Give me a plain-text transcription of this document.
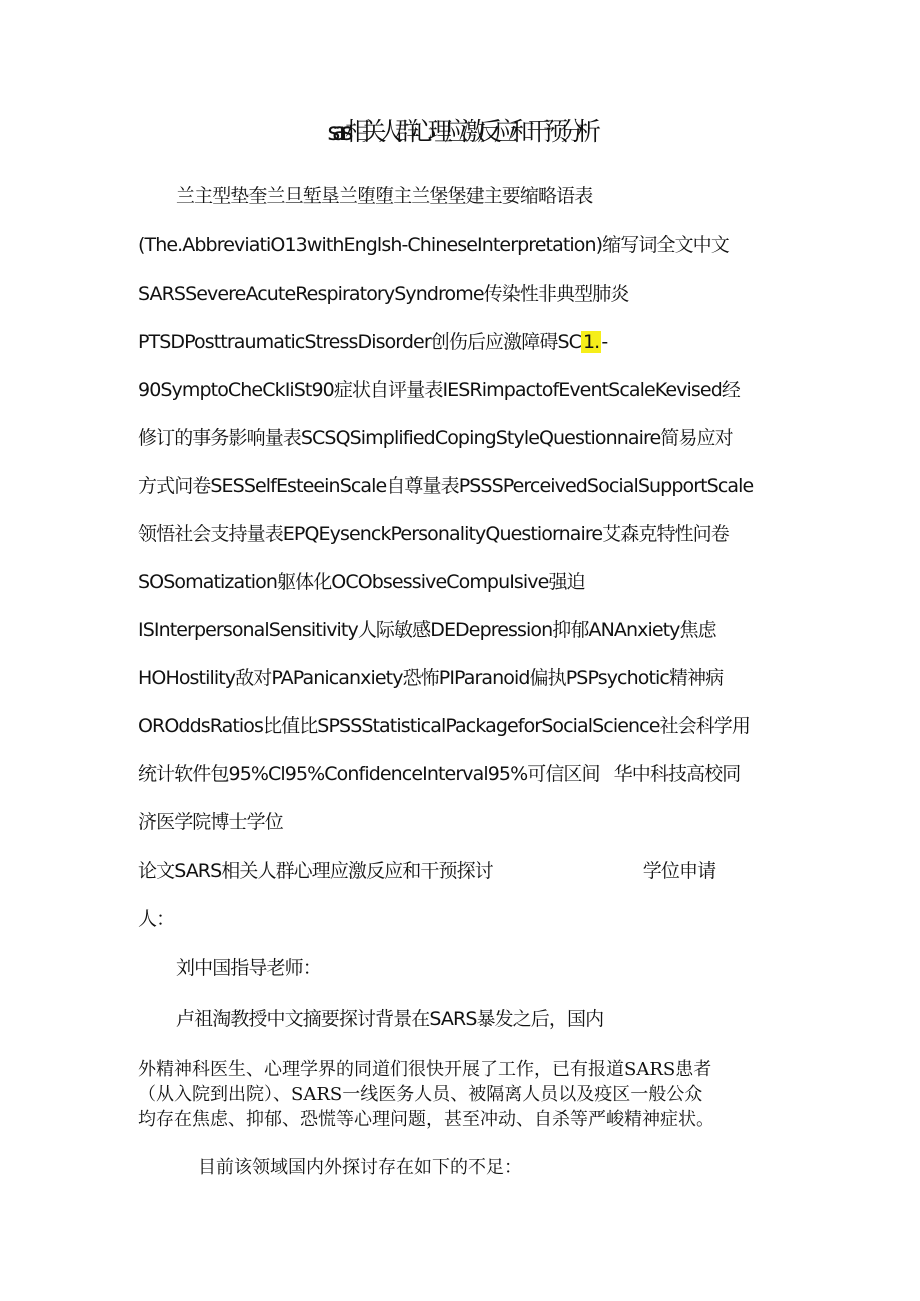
sars相关人群心理应激反应和干预分析
兰主型垫奎兰旦堑垦兰堕堕主兰堡堡建主要缩略语表
(The.AbbreviatiO13withEnglsh-ChineseInterpretation)缩写词全文中文
SARSSevereAcuteRespiratorySyndrome传染性非典型肺炎
PTSDPosttraumaticStressDisorder创伤后应激障碍SC 1. -
90SymptoCheCkIiSt90症状自评量表IESRimpactofEventScaleKevised经
修订的事务影响量表SCSQSimplifiedCopingStyleQuestionnaire简易应对
方式问卷SESSelfEsteeinScale自尊量表PSSSPerceivedSocialSupportScale
领悟社会支持量表EPQEysenckPersonalityQuestiornaire艾森克特性问卷
SOSomatization躯体化OCObsessiveCompuIsive强迫
ISInterpersonalSensitivity人际敏感DEDepression抑郁ANAnxiety焦虑
HOHostility敌对PAPanicanxiety恐怖PIParanoid偏执PSPsychotic精神病
OROddsRatios比值比SPSSStatisticalPackageforSocialScience社会科学用
统计软件包95%Cl95%ConfidenceInterval95%可信区间 华中科技高校同
济医学院博士学位
论文SARS相关人群心理应激反应和干预探讨	学位申请
人：
刘中国指导老师：
卢祖淘教授中文摘要探讨背景在SARS暴发之后，国内
外精神科医生、心理学界的同道们很快开展了工作，已有报道SARS患者
（从入院到出院）、SARS一线医务人员、被隔离人员以及疫区一般公众
均存在焦虑、抑郁、恐慌等心理问题，甚至冲动、自杀等严峻精神症状。
目前该领域国内外探讨存在如下的不足：
